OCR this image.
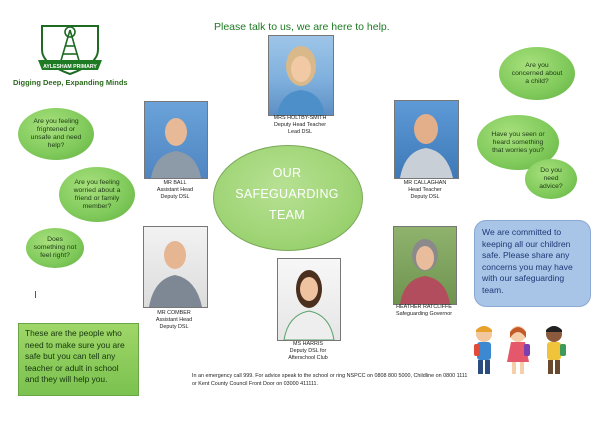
AYLESHAM PRIMARY
Digging Deep, Expanding Minds
Please talk to us, we are here to help.
MRS HOLTBY-SMITH
Deputy Head Teacher
Lead DSL
MR BALL
Assistant Head
Deputy DSL
MR CALLAGHAN
Head Teacher
Deputy DSL
MR COMBER
Assistant Head
Deputy DSL
MS HARRIS
Deputy DSL for
Afterschool Club
HEATHER RATCLIFFE
Safeguarding Governor
OUR
SAFEGUARDING
TEAM
Are you feeling frightened or unsafe and need help?
Are you feeling worried about a friend or family member?
Does something not feel right?
Are you concerned about a child?
Have you seen or heard something that worries you?
Do you need advice?
We are committed to keeping all our children safe. Please share any concerns you may have with our safeguarding team.
These are the people who need to make sure you are safe but you can tell any teacher or adult in school and they will help you.	In an emergency call 999. For advice speak to the school or ring NSPCC on 0808 800 5000, Childline on 0800 1111 or Kent County Council Front Door on 03000 411111.
